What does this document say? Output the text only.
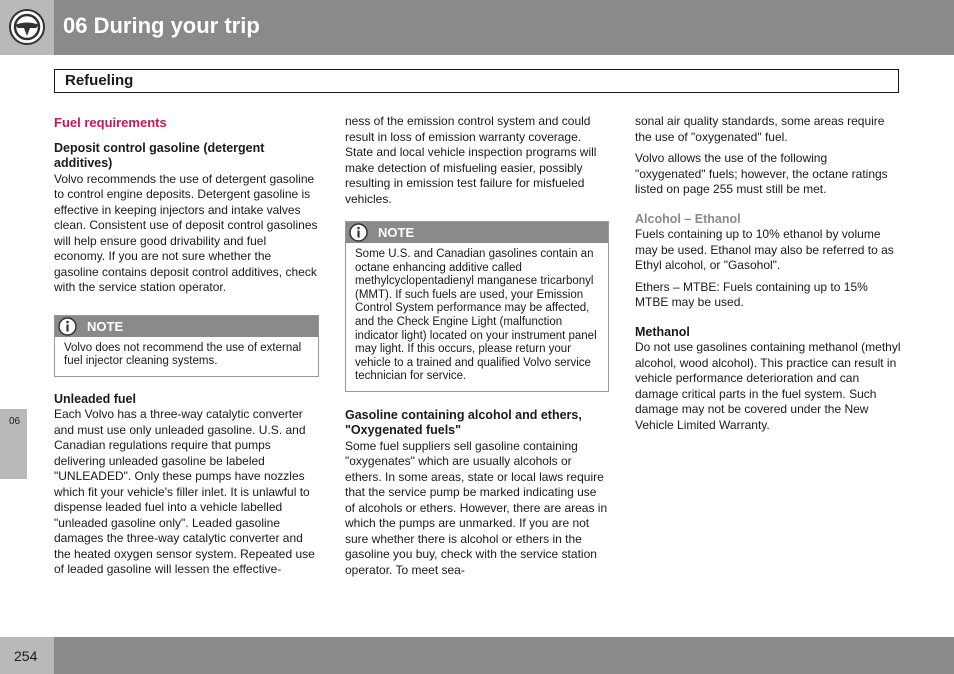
06 During your trip
Refueling
06

Fuel requirements

Deposit control gasoline (detergent additives)

Volvo recommends the use of detergent gasoline to control engine deposits. Detergent gasoline is effective in keeping injectors and intake valves clean. Consistent use of deposit control gasolines will help ensure good drivability and fuel economy. If you are not sure whether the gasoline contains deposit control additives, check with the service station operator.

NOTE
Volvo does not recommend the use of external fuel injector cleaning systems.

Unleaded fuel

Each Volvo has a three-way catalytic converter and must use only unleaded gasoline. U.S. and Canadian regulations require that pumps delivering unleaded gasoline be labeled "UNLEADED". Only these pumps have nozzles which fit your vehicle's filler inlet. It is unlawful to dispense leaded fuel into a vehicle labelled "unleaded gasoline only". Leaded gasoline damages the three-way catalytic converter and the heated oxygen sensor system. Repeated use of leaded gasoline will lessen the effective-

ness of the emission control system and could result in loss of emission warranty coverage. State and local vehicle inspection programs will make detection of misfueling easier, possibly resulting in emission test failure for misfueled vehicles.

NOTE
Some U.S. and Canadian gasolines contain an octane enhancing additive called methylcyclopentadienyl manganese tricarbonyl (MMT). If such fuels are used, your Emission Control System performance may be affected, and the Check Engine Light (malfunction indicator light) located on your instrument panel may light. If this occurs, please return your vehicle to a trained and qualified Volvo service technician for service.

Gasoline containing alcohol and ethers, "Oxygenated fuels"

Some fuel suppliers sell gasoline containing "oxygenates" which are usually alcohols or ethers. In some areas, state or local laws require that the service pump be marked indicating use of alcohols or ethers. However, there are areas in which the pumps are unmarked. If you are not sure whether there is alcohol or ethers in the gasoline you buy, check with the service station operator. To meet sea-

sonal air quality standards, some areas require the use of "oxygenated" fuel.

Volvo allows the use of the following "oxygenated" fuels; however, the octane ratings listed on page 255 must still be met.

Alcohol – Ethanol

Fuels containing up to 10% ethanol by volume may be used. Ethanol may also be referred to as Ethyl alcohol, or "Gasohol".

Ethers – MTBE: Fuels containing up to 15% MTBE may be used.

Methanol

Do not use gasolines containing methanol (methyl alcohol, wood alcohol). This practice can result in vehicle performance deterioration and can damage critical parts in the fuel system. Such damage may not be covered under the New Vehicle Limited Warranty.

254
